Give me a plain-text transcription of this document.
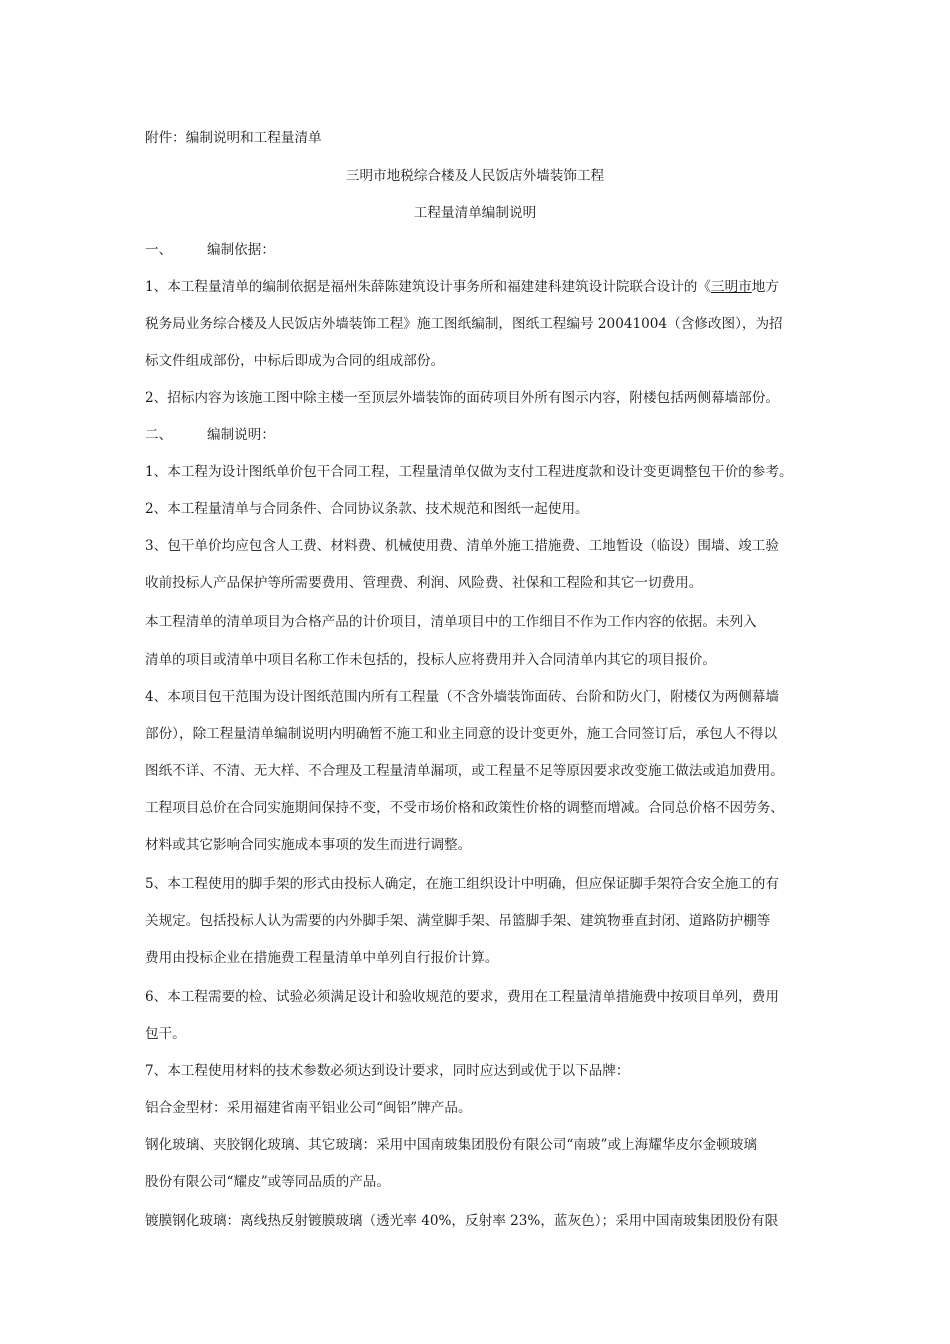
附件：编制说明和工程量清单
三明市地税综合楼及人民饭店外墙装饰工程
工程量清单编制说明
一、	编制依据：
1、本工程量清单的编制依据是福州朱薛陈建筑设计事务所和福建建科建筑设计院联合设计的《三明市地方
税务局业务综合楼及人民饭店外墙装饰工程》施工图纸编制，图纸工程编号 20041004（含修改图），为招
标文件组成部份，中标后即成为合同的组成部份。
2、招标内容为该施工图中除主楼一至顶层外墙装饰的面砖项目外所有图示内容，附楼包括两侧幕墙部份。
二、	编制说明：
1、本工程为设计图纸单价包干合同工程，工程量清单仅做为支付工程进度款和设计变更调整包干价的参考。
2、本工程量清单与合同条件、合同协议条款、技术规范和图纸一起使用。
3、包干单价均应包含人工费、材料费、机械使用费、清单外施工措施费、工地暂设（临设）围墙、竣工验
收前投标人产品保护等所需要费用、管理费、利润、风险费、社保和工程险和其它一切费用。
本工程清单的清单项目为合格产品的计价项目，清单项目中的工作细目不作为工作内容的依据。未列入
清单的项目或清单中项目名称工作未包括的，投标人应将费用并入合同清单内其它的项目报价。
4、本项目包干范围为设计图纸范围内所有工程量（不含外墙装饰面砖、台阶和防火门，附楼仅为两侧幕墙
部份），除工程量清单编制说明内明确暂不施工和业主同意的设计变更外，施工合同签订后，承包人不得以
图纸不详、不清、无大样、不合理及工程量清单漏项，或工程量不足等原因要求改变施工做法或追加费用。
工程项目总价在合同实施期间保持不变，不受市场价格和政策性价格的调整而增减。合同总价格不因劳务、
材料或其它影响合同实施成本事项的发生而进行调整。
5、本工程使用的脚手架的形式由投标人确定，在施工组织设计中明确，但应保证脚手架符合安全施工的有
关规定。包括投标人认为需要的内外脚手架、满堂脚手架、吊篮脚手架、建筑物垂直封闭、道路防护棚等
费用由投标企业在措施费工程量清单中单列自行报价计算。
6、本工程需要的检、试验必须满足设计和验收规范的要求，费用在工程量清单措施费中按项目单列，费用
包干。
7、本工程使用材料的技术参数必须达到设计要求，同时应达到或优于以下品牌：
铝合金型材：采用福建省南平铝业公司“闽铝”牌产品。
钢化玻璃、夹胶钢化玻璃、其它玻璃：采用中国南玻集团股份有限公司“南玻”或上海耀华皮尔金顿玻璃
股份有限公司“耀皮”或等同品质的产品。
镀膜钢化玻璃：离线热反射镀膜玻璃（透光率 40%，反射率 23%，蓝灰色）；采用中国南玻集团股份有限
